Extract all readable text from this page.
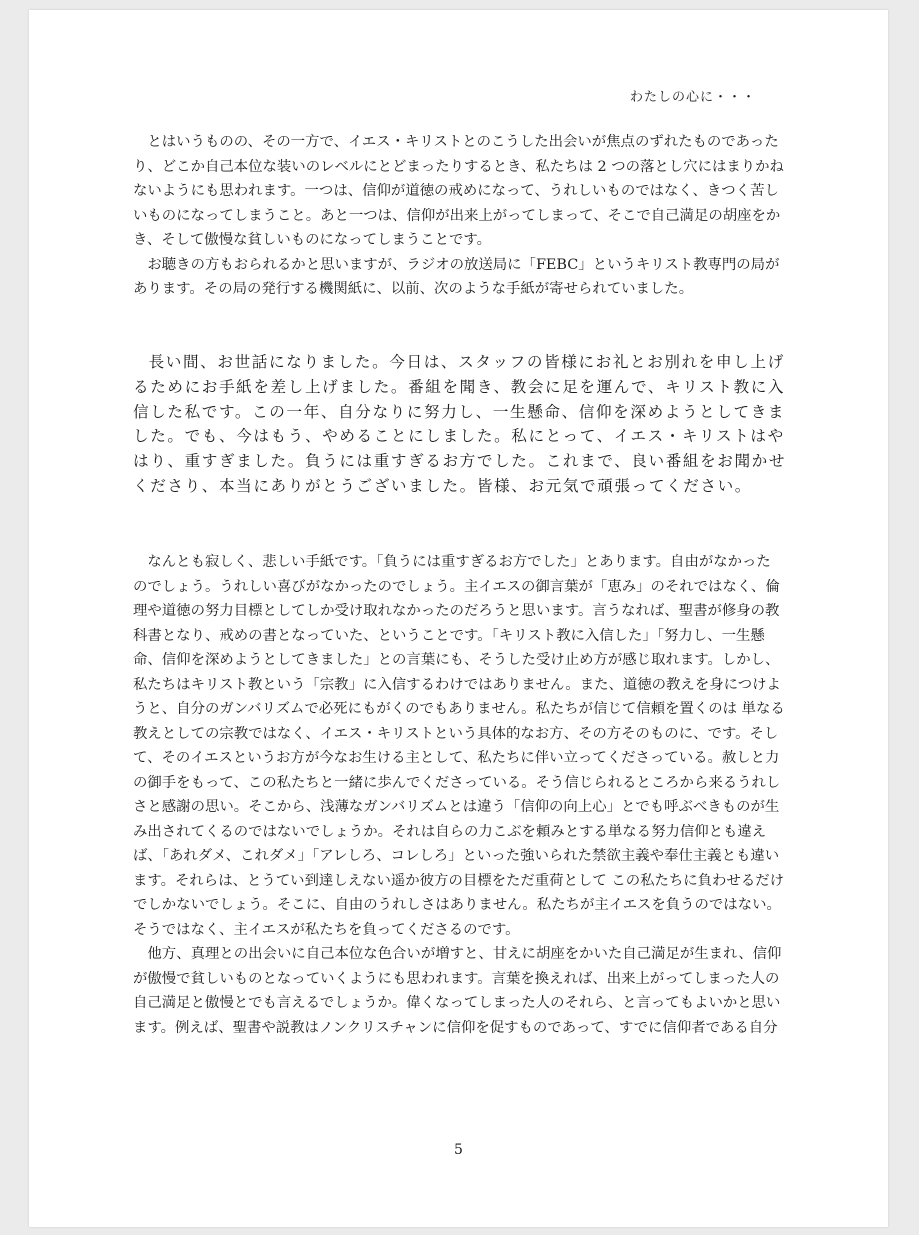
わたしの心に・・・

とはいうものの、その一方で、イエス・キリストとのこうした出会いが焦点のずれたものであったり、どこか自己本位な装いのレベルにとどまったりするとき、私たちは 2 つの落とし穴にはまりかねないようにも思われます。一つは、信仰が道徳の戒めになって、うれしいものではなく、きつく苦しいものになってしまうこと。あと一つは、信仰が出来上がってしまって、そこで自己満足の胡座をかき、そして傲慢な貧しいものになってしまうことです。

お聴きの方もおられるかと思いますが、ラジオの放送局に「FEBC」というキリスト教専門の局があります。その局の発行する機関紙に、以前、次のような手紙が寄せられていました。

長い間、お世話になりました。今日は、スタッフの皆様にお礼とお別れを申し上げるためにお手紙を差し上げました。番組を聞き、教会に足を運んで、キリスト教に入信した私です。この一年、自分なりに努力し、一生懸命、信仰を深めようとしてきました。でも、今はもう、やめることにしました。私にとって、イエス・キリストはやはり、重すぎました。負うには重すぎるお方でした。これまで、良い番組をお聞かせくださり、本当にありがとうございました。皆様、お元気で頑張ってください。

なんとも寂しく、悲しい手紙です。「負うには重すぎるお方でした」とあります。自由がなかったのでしょう。うれしい喜びがなかったのでしょう。主イエスの御言葉が「恵み」のそれではなく、倫理や道徳の努力目標としてしか受け取れなかったのだろうと思います。言うなれば、聖書が修身の教科書となり、戒めの書となっていた、ということです。「キリスト教に入信した」「努力し、一生懸命、信仰を深めようとしてきました」との言葉にも、そうした受け止め方が感じ取れます。しかし、私たちはキリスト教という「宗教」に入信するわけではありません。また、道徳の教えを身につけようと、自分のガンバリズムで必死にもがくのでもありません。私たちが信じて信頼を置くのは 単なる教えとしての宗教ではなく、イエス・キリストという具体的なお方、その方そのものに、です。そして、そのイエスというお方が今なお生ける主として、私たちに伴い立ってくださっている。赦しと力の御手をもって、この私たちと一緒に歩んでくださっている。そう信じられるところから来るうれしさと感謝の思い。そこから、浅薄なガンバリズムとは違う「信仰の向上心」とでも呼ぶべきものが生み出されてくるのではないでしょうか。それは自らの力こぶを頼みとする単なる努力信仰とも違えば、「あれダメ、これダメ」「アレしろ、コレしろ」といった強いられた禁欲主義や奉仕主義とも違います。それらは、とうてい到達しえない遥か彼方の目標をただ重荷として この私たちに負わせるだけでしかないでしょう。そこに、自由のうれしさはありません。私たちが主イエスを負うのではない。そうではなく、主イエスが私たちを負ってくださるのです。

他方、真理との出会いに自己本位な色合いが増すと、甘えに胡座をかいた自己満足が生まれ、信仰が傲慢で貧しいものとなっていくようにも思われます。言葉を換えれば、出来上がってしまった人の自己満足と傲慢とでも言えるでしょうか。偉くなってしまった人のそれら、と言ってもよいかと思います。例えば、聖書や説教はノンクリスチャンに信仰を促すものであって、すでに信仰者である自分

5
